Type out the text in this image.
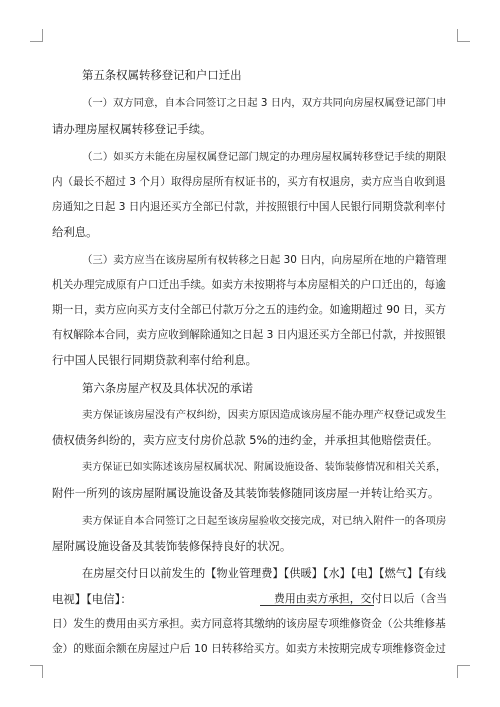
第五条权属转移登记和户口迁出
（一）双方同意，自本合同签订之日起 3 日内，双方共同向房屋权属登记部门申
请办理房屋权属转移登记手续。
（二）如买方未能在房屋权属登记部门规定的办理房屋权属转移登记手续的期限
内（最长不超过 3 个月）取得房屋所有权证书的，买方有权退房，卖方应当自收到退
房通知之日起 3 日内退还买方全部已付款，并按照银行中国人民银行同期贷款利率付
给利息。
（三）卖方应当在该房屋所有权转移之日起 30 日内，向房屋所在地的户籍管理
机关办理完成原有户口迁出手续。如卖方未按期将与本房屋相关的户口迁出的，每逾
期一日，卖方应向买方支付全部已付款万分之五的违约金。如逾期超过 90 日，买方
有权解除本合同，卖方应收到解除通知之日起 3 日内退还买方全部已付款，并按照银
行中国人民银行同期贷款利率付给利息。
第六条房屋产权及具体状况的承诺
卖方保证该房屋没有产权纠纷，因卖方原因造成该房屋不能办理产权登记或发生
债权债务纠纷的，卖方应支付房价总款 5%的违约金，并承担其他赔偿责任。
卖方保证已如实陈述该房屋权属状况、附属设施设备、装饰装修情况和相关关系，
附件一所列的该房屋附属设施设备及其装饰装修随同该房屋一并转让给买方。
卖方保证自本合同签订之日起至该房屋验收交接完成，对已纳入附件一的各项房
屋附属设施设备及其装饰装修保持良好的状况。
在房屋交付日以前发生的【物业管理费】【供暖】【水】【电】【燃气】【有线
电视】【电信】：	费用由卖方承担，交付日以后（含当
日）发生的费用由买方承担。卖方同意将其缴纳的该房屋专项维修资金（公共维修基
金）的账面余额在房屋过户后 10 日转移给买方。如卖方未按期完成专项维修资金过
